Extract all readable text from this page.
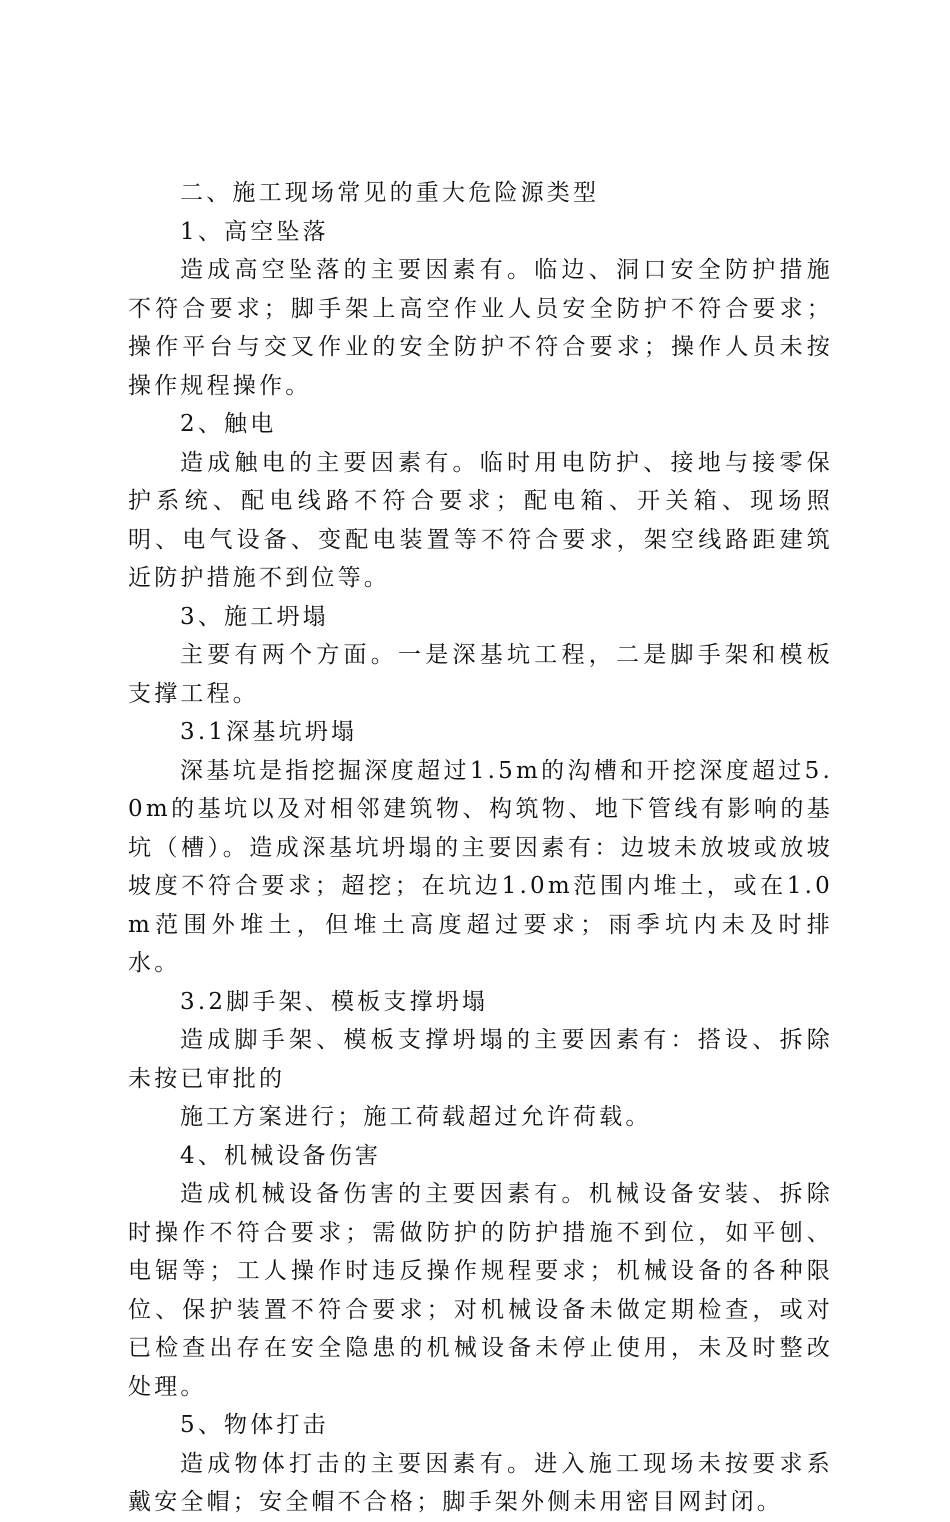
二、施工现场常见的重大危险源类型

1、高空坠落

造成高空坠落的主要因素有。临边、洞口安全防护措施不符合要求；脚手架上高空作业人员安全防护不符合要求；操作平台与交叉作业的安全防护不符合要求；操作人员未按操作规程操作。

2、触电

造成触电的主要因素有。临时用电防护、接地与接零保护系统、配电线路不符合要求；配电箱、开关箱、现场照明、电气设备、变配电装置等不符合要求，架空线路距建筑近防护措施不到位等。

3、施工坍塌

主要有两个方面。一是深基坑工程，二是脚手架和模板支撑工程。

3.1深基坑坍塌

深基坑是指挖掘深度超过1.5m的沟槽和开挖深度超过5.0m的基坑以及对相邻建筑物、构筑物、地下管线有影响的基坑（槽）。造成深基坑坍塌的主要因素有：边坡未放坡或放坡坡度不符合要求；超挖；在坑边1.0m范围内堆土，或在1.0m范围外堆土，但堆土高度超过要求；雨季坑内未及时排水。

3.2脚手架、模板支撑坍塌

造成脚手架、模板支撑坍塌的主要因素有：搭设、拆除未按已审批的

施工方案进行；施工荷载超过允许荷载。

4、机械设备伤害

造成机械设备伤害的主要因素有。机械设备安装、拆除时操作不符合要求；需做防护的防护措施不到位，如平刨、电锯等；工人操作时违反操作规程要求；机械设备的各种限位、保护装置不符合要求；对机械设备未做定期检查，或对已检查出存在安全隐患的机械设备未停止使用，未及时整改处理。

5、物体打击

造成物体打击的主要因素有。进入施工现场未按要求系戴安全帽；安全帽不合格；脚手架外侧未用密目网封闭。
